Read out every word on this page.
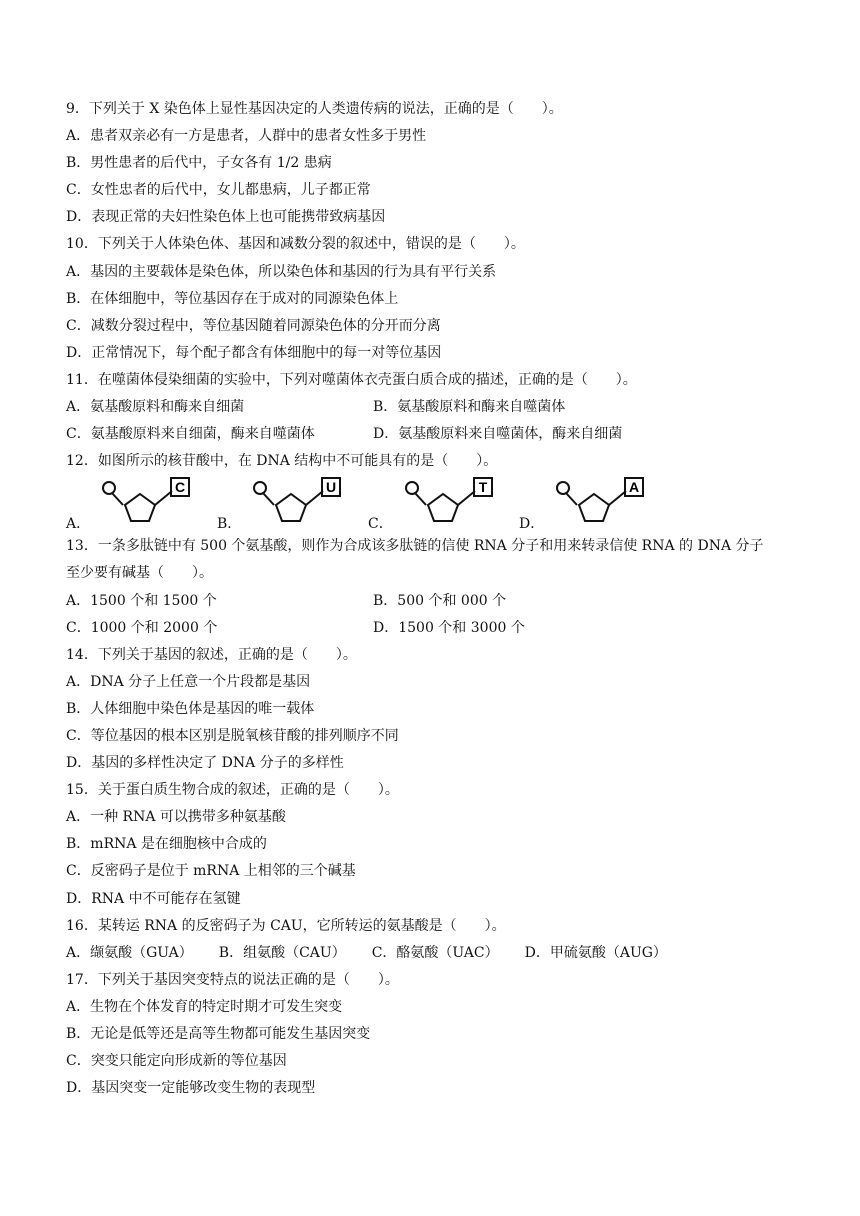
9．下列关于 X 染色体上显性基因决定的人类遗传病的说法，正确的是（　　）。
A．患者双亲必有一方是患者，人群中的患者女性多于男性
B．男性患者的后代中，子女各有 1/2 患病
C．女性忠者的后代中，女儿都患病，儿子都正常
D．表现正常的夫妇性染色体上也可能携带致病基因
10．下列关于人体染色体、基因和减数分裂的叙述中，错误的是（　　）。
A．基因的主要载体是染色体，所以染色体和基因的行为具有平行关系
B．在体细胞中，等位基因存在于成对的同源染色体上
C．减数分裂过程中，等位基因随着同源染色体的分开而分离
D．正常情况下，每个配子都含有体细胞中的每一对等位基因
11．在噬菌体侵染细菌的实验中，下列对噬菌体衣壳蛋白质合成的描述，正确的是（　　）。
A．氨基酸原料和酶来自细菌	B．氨基酸原料和酶来自噬菌体
C．氨基酸原料来自细菌，酶来自噬菌体	D．氨基酸原料来自噬菌体，酶来自细菌
12．如图所示的核苷酸中，在 DNA 结构中不可能具有的是（　　）。
A．
C
B．
U
C．
T
D．
A
13．一条多肽链中有 500 个氨基酸，则作为合成该多肽链的信使 RNA 分子和用来转录信使 RNA 的 DNA 分子
至少要有碱基（　　）。
A．1500 个和 1500 个	B．500 个和 000 个
C．1000 个和 2000 个	D．1500 个和 3000 个
14．下列关于基因的叙述，正确的是（　　）。
A．DNA 分子上任意一个片段都是基因
B．人体细胞中染色体是基因的唯一载体
C．等位基因的根本区别是脱氧核苷酸的排列顺序不同
D．基因的多样性决定了 DNA 分子的多样性
15．关于蛋白质生物合成的叙述，正确的是（　　）。
A．一种 RNA 可以携带多种氨基酸
B．mRNA 是在细胞核中合成的
C．反密码子是位于 mRNA 上相邻的三个碱基
D．RNA 中不可能存在氢键
16．某转运 RNA 的反密码子为 CAU，它所转运的氨基酸是（　　）。
A．缬氨酸（GUA） B．组氨酸（CAU） C．酪氨酸（UAC） D．甲硫氨酸（AUG）
17．下列关于基因突变特点的说法正确的是（　　）。
A．生物在个体发育的特定时期才可发生突变
B．无论是低等还是高等生物都可能发生基因突变
C．突变只能定向形成新的等位基因
D．基因突变一定能够改变生物的表现型
